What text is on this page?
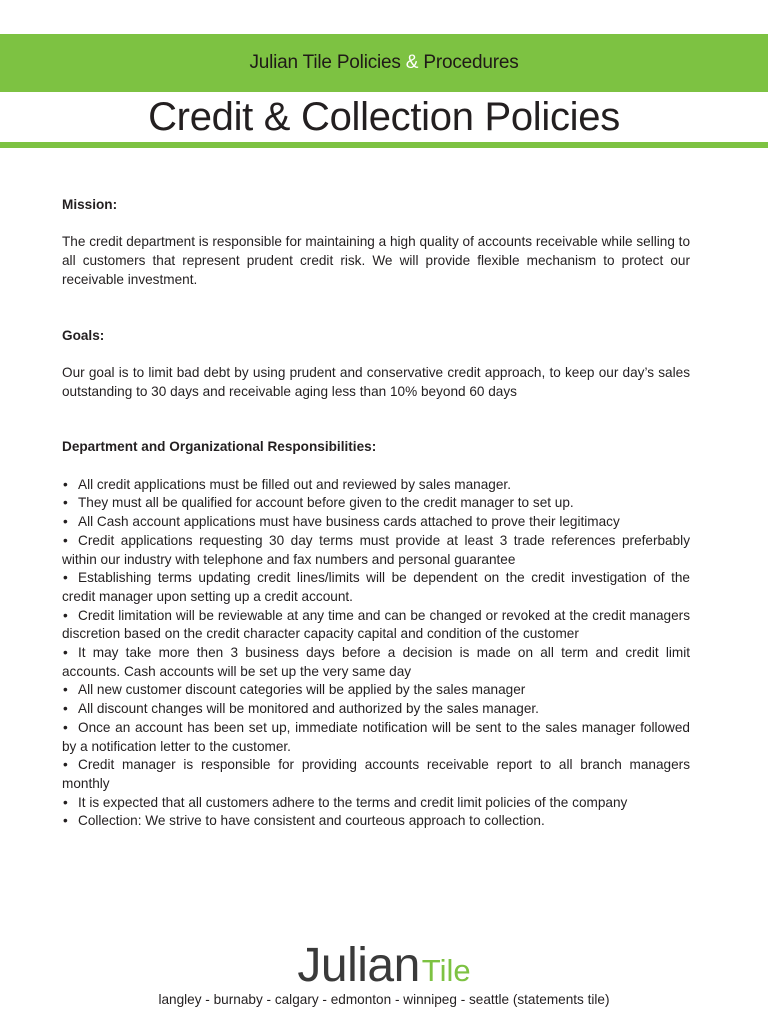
Julian Tile Policies & Procedures
Credit & Collection Policies

Mission:

The credit department is responsible for maintaining a high quality of accounts receivable while selling to all customers that represent prudent credit risk. We will provide flexible mechanism to protect our receivable investment.

Goals:

Our goal is to limit bad debt by using prudent and conservative credit approach, to keep our day’s sales outstanding to 30 days and receivable aging less than 10% beyond 60 days

Department and Organizational Responsibilities:

• All credit applications must be filled out and reviewed by sales manager.
• They must all be qualified for account before given to the credit manager to set up.
• All Cash account applications must have business cards attached to prove their legitimacy
• Credit applications requesting 30 day terms must provide at least 3 trade references preferbably within our industry with telephone and fax numbers and personal guarantee
• Establishing terms updating credit lines/limits will be dependent on the credit investigation of the credit manager upon setting up a credit account.
• Credit limitation will be reviewable at any time and can be changed or revoked at the credit managers discretion based on the credit character capacity capital and condition of the customer
• It may take more then 3 business days before a decision is made on all term and credit limit accounts. Cash accounts will be set up the very same day
• All new customer discount categories will be applied by the sales manager
• All discount changes will be monitored and authorized by the sales manager.
• Once an account has been set up, immediate notification will be sent to the sales manager followed by a notification letter to the customer.
• Credit manager is responsible for providing accounts receivable report to all branch managers monthly
• It is expected that all customers adhere to the terms and credit limit policies of the company
• Collection: We strive to have consistent and courteous approach to collection.
JulianTile
langley - burnaby - calgary - edmonton - winnipeg - seattle (statements tile)
